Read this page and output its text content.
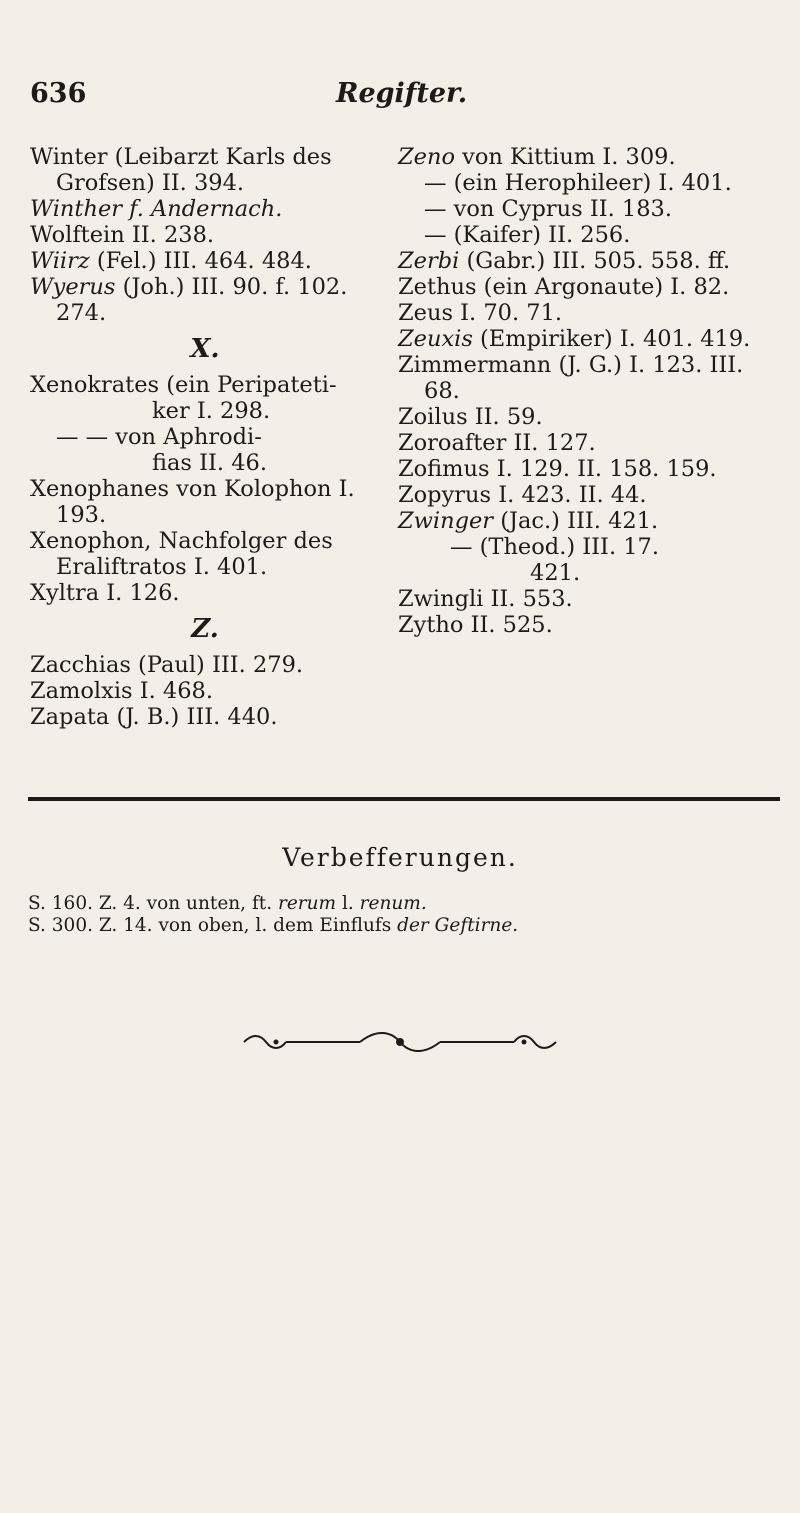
636	Regifter.

Winter (Leibarzt Karls des Grofsen) II. 394.

Winther f. Andernach.

Wolftein II. 238.

Wiirz (Fel.) III. 464. 484.

Wyerus (Joh.) III. 90. f. 102. 274.

X.

Xenokrates (ein Peripateti-

ker I. 298.

— — von Aphrodi-

fias II. 46.

Xenophanes von Kolophon I. 193.

Xenophon, Nachfolger des Eraliftratos I. 401.

Xyltra I. 126.

Z.

Zacchias (Paul) III. 279.

Zamolxis I. 468.

Zapata (J. B.) III. 440.

Zeno von Kittium I. 309.

— (ein Herophileer) I. 401.

— von Cyprus II. 183.

— (Kaifer) II. 256.

Zerbi (Gabr.) III. 505. 558. ff.

Zethus (ein Argonaute) I. 82.

Zeus I. 70. 71.

Zeuxis (Empiriker) I. 401. 419.

Zimmermann (J. G.) I. 123. III. 68.

Zoilus II. 59.

Zoroafter II. 127.

Zofimus I. 129. II. 158. 159.

Zopyrus I. 423. II. 44.

Zwinger (Jac.) III. 421.

— (Theod.) III. 17.

421.

Zwingli II. 553.

Zytho II. 525.

Verbefferungen.

S. 160. Z. 4. von unten, ft. rerum l. renum.

S. 300. Z. 14. von oben, l. dem Einflufs der Geftirne.
